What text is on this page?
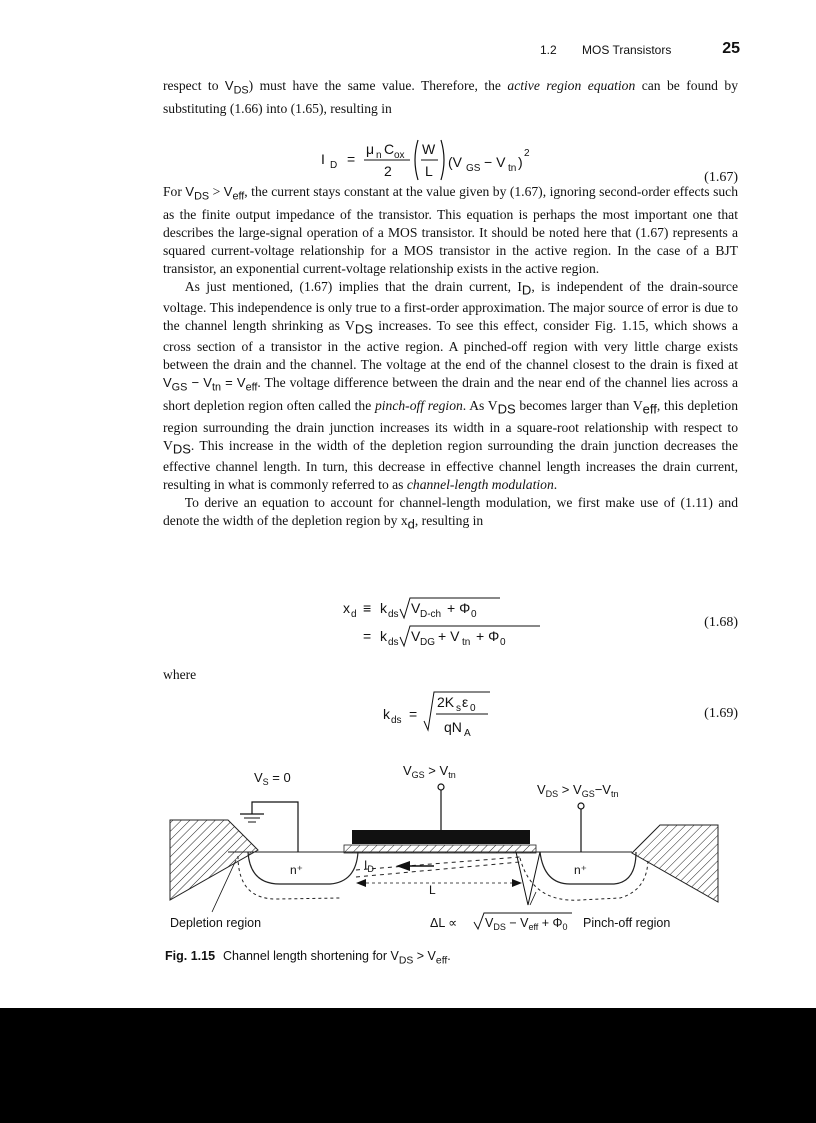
1.2 MOS Transistors	25

respect to $V_{DS}$) must have the same value. Therefore, the active region equation can be found by substituting (1.66) into (1.65), resulting in

I D =
μ n C ox
2
W
L
(V GS − V tn )
2
(1.67)

For $V_{DS} > V_{eff}$, the current stays constant at the value given by (1.67), ignoring second-order effects such as the finite output impedance of the transistor. This equation is perhaps the most important one that describes the large-signal operation of a MOS transistor. It should be noted here that (1.67) represents a squared current-voltage relationship for a MOS transistor in the active region. In the case of a BJT transistor, an exponential current-voltage relationship exists in the active region.

As just mentioned, (1.67) implies that the drain current, $I_D$, is independent of the drain-source voltage. This independence is only true to a first-order approximation. The major source of error is due to the channel length shrinking as $V_{DS}$ increases. To see this effect, consider Fig. 1.15, which shows a cross section of a transistor in the active region. A pinched-off region with very little charge exists between the drain and the channel. The voltage at the end of the channel closest to the drain is fixed at $V_{GS} - V_{tn} = V_{eff}$. The voltage difference between the drain and the near end of the channel lies across a short depletion region often called the pinch-off region. As $V_{DS}$ becomes larger than $V_{eff}$, this depletion region surrounding the drain junction increases its width in a square-root relationship with respect to $V_{DS}$. This increase in the width of the depletion region surrounding the drain junction decreases the effective channel length. In turn, this decrease in effective channel length increases the drain current, resulting in what is commonly referred to as channel-length modulation.

To derive an equation to account for channel-length modulation, we first make use of (1.11) and denote the width of the depletion region by $x_d$, resulting in

x d ≡ k ds V D-ch + Φ 0
= k ds V DG + V tn + Φ 0
(1.68)
where
k ds =
2K s ε 0
qN A
(1.69)
$V_S = 0$	$V_{GS} > V_{tn}$
$V_{DS} > V_{GS}-V_{tn}$
n⁺	n⁺
$I_D$
L
Depletion region	$\Delta L \propto V_{DS} - V_{eff} + \Phi_0$ Pinch-off region
Fig. 1.15 Channel length shortening for $V_{DS} > V_{eff}$.
